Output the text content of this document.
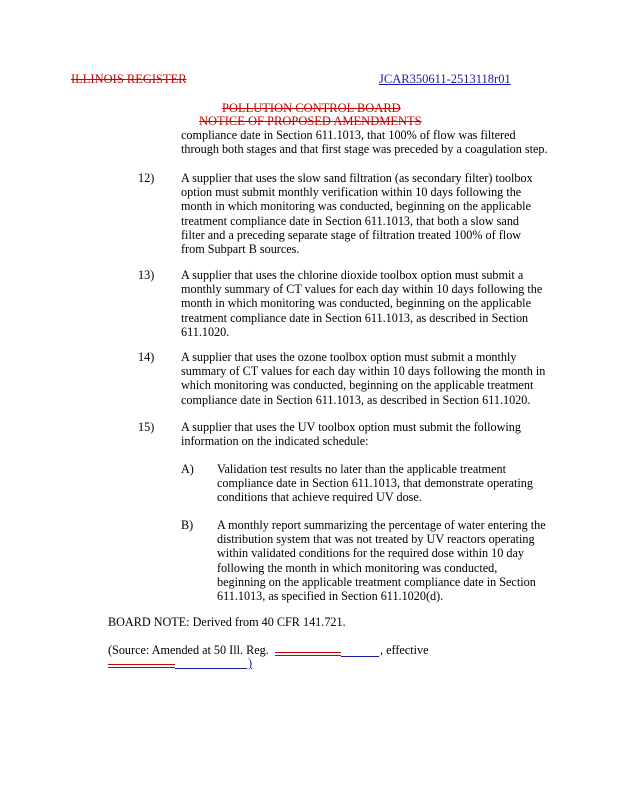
ILLINOIS REGISTER	JCAR350611-2513118r01
POLLUTION CONTROL BOARD
NOTICE OF PROPOSED AMENDMENTS
compliance date in Section 611.1013, that 100% of flow was filtered
through both stages and that first stage was preceded by a coagulation step.
12) A supplier that uses the slow sand filtration (as secondary filter) toolbox
option must submit monthly verification within 10 days following the
month in which monitoring was conducted, beginning on the applicable
treatment compliance date in Section 611.1013, that both a slow sand
filter and a preceding separate stage of filtration treated 100% of flow
from Subpart B sources.
13) A supplier that uses the chlorine dioxide toolbox option must submit a
monthly summary of CT values for each day within 10 days following the
month in which monitoring was conducted, beginning on the applicable
treatment compliance date in Section 611.1013, as described in Section
611.1020.
14) A supplier that uses the ozone toolbox option must submit a monthly
summary of CT values for each day within 10 days following the month in
which monitoring was conducted, beginning on the applicable treatment
compliance date in Section 611.1013, as described in Section 611.1020.
15) A supplier that uses the UV toolbox option must submit the following
information on the indicated schedule:
A) Validation test results no later than the applicable treatment
compliance date in Section 611.1013, that demonstrate operating
conditions that achieve required UV dose.
B) A monthly report summarizing the percentage of water entering the
distribution system that was not treated by UV reactors operating
within validated conditions for the required dose within 10 day
following the month in which monitoring was conducted,
beginning on the applicable treatment compliance date in Section
611.1013, as specified in Section 611.1020(d).
BOARD NOTE: Derived from 40 CFR 141.721.
(Source: Amended at 50 Ill. Reg.	, effective
)
